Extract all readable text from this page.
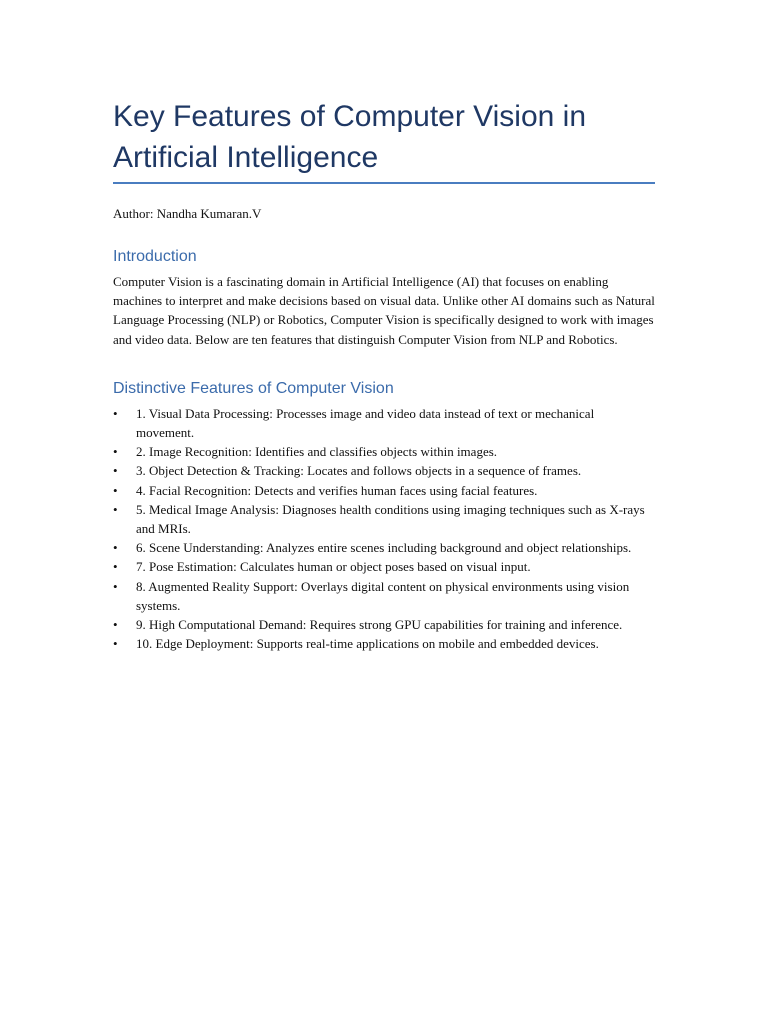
Key Features of Computer Vision in Artificial Intelligence
Author: Nandha Kumaran.V
Introduction

Computer Vision is a fascinating domain in Artificial Intelligence (AI) that focuses on enabling machines to interpret and make decisions based on visual data. Unlike other AI domains such as Natural Language Processing (NLP) or Robotics, Computer Vision is specifically designed to work with images and video data. Below are ten features that distinguish Computer Vision from NLP and Robotics.

Distinctive Features of Computer Vision
• 1. Visual Data Processing: Processes image and video data instead of text or mechanical movement.
• 2. Image Recognition: Identifies and classifies objects within images.
• 3. Object Detection & Tracking: Locates and follows objects in a sequence of frames.
• 4. Facial Recognition: Detects and verifies human faces using facial features.
• 5. Medical Image Analysis: Diagnoses health conditions using imaging techniques such as X-rays and MRIs.
• 6. Scene Understanding: Analyzes entire scenes including background and object relationships.
• 7. Pose Estimation: Calculates human or object poses based on visual input.
• 8. Augmented Reality Support: Overlays digital content on physical environments using vision systems.
• 9. High Computational Demand: Requires strong GPU capabilities for training and inference.
• 10. Edge Deployment: Supports real-time applications on mobile and embedded devices.
